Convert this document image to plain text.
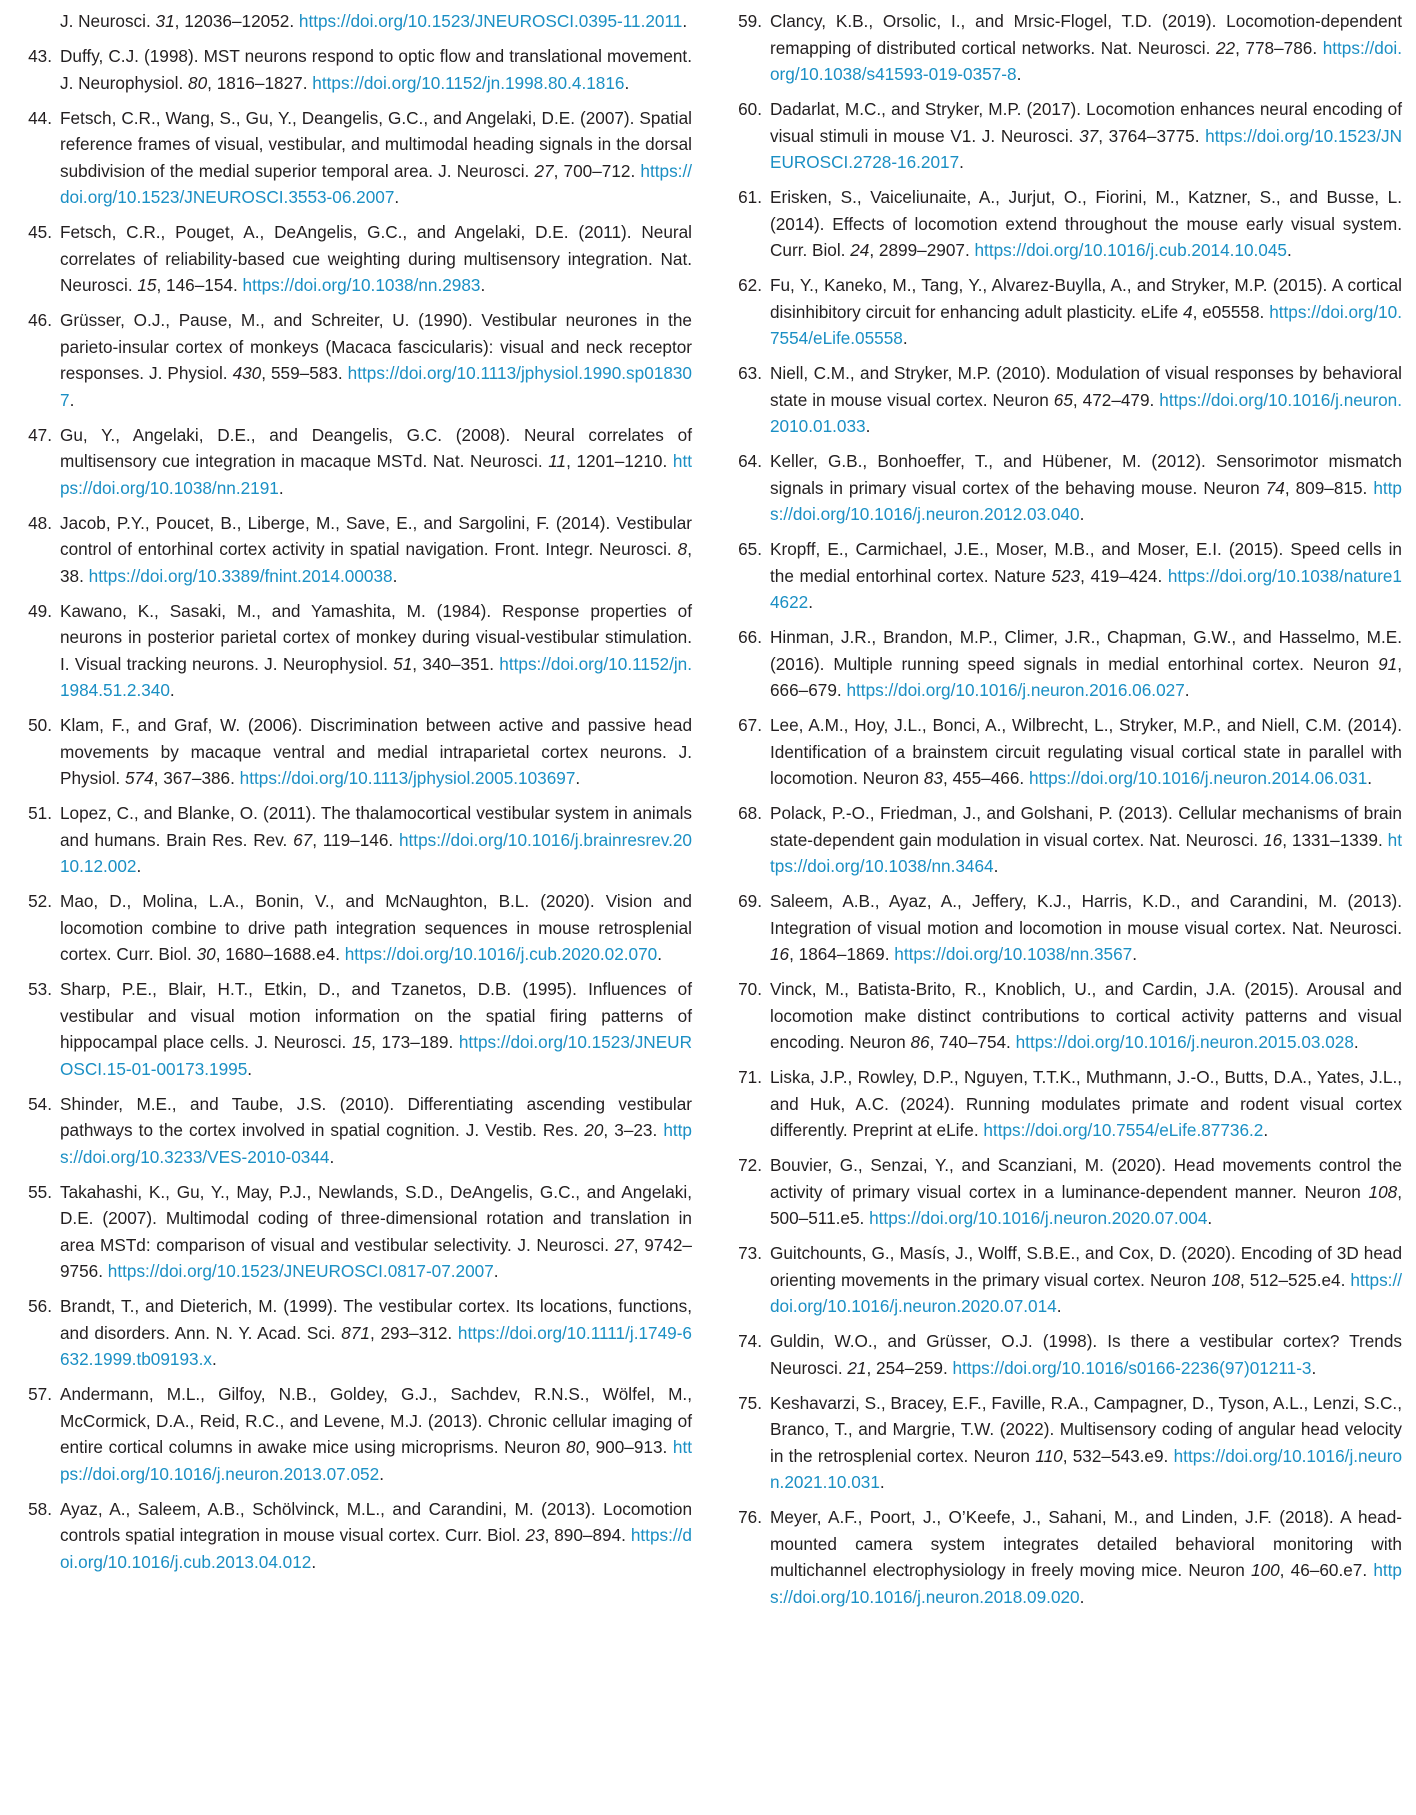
J. Neurosci. 31, 12036–12052. https://doi.org/10.1523/JNEUROSCI.0395-11.2011.
43. Duffy, C.J. (1998). MST neurons respond to optic flow and translational movement. J. Neurophysiol. 80, 1816–1827. https://doi.org/10.1152/jn.1998.80.4.1816.
44. Fetsch, C.R., Wang, S., Gu, Y., Deangelis, G.C., and Angelaki, D.E. (2007). Spatial reference frames of visual, vestibular, and multimodal heading signals in the dorsal subdivision of the medial superior temporal area. J. Neurosci. 27, 700–712. https://doi.org/10.1523/JNEUROSCI.3553-06.2007.
45. Fetsch, C.R., Pouget, A., DeAngelis, G.C., and Angelaki, D.E. (2011). Neural correlates of reliability-based cue weighting during multisensory integration. Nat. Neurosci. 15, 146–154. https://doi.org/10.1038/nn.2983.
46. Grüsser, O.J., Pause, M., and Schreiter, U. (1990). Vestibular neurones in the parieto-insular cortex of monkeys (Macaca fascicularis): visual and neck receptor responses. J. Physiol. 430, 559–583. https://doi.org/10.1113/jphysiol.1990.sp018307.
47. Gu, Y., Angelaki, D.E., and Deangelis, G.C. (2008). Neural correlates of multisensory cue integration in macaque MSTd. Nat. Neurosci. 11, 1201–1210. https://doi.org/10.1038/nn.2191.
48. Jacob, P.Y., Poucet, B., Liberge, M., Save, E., and Sargolini, F. (2014). Vestibular control of entorhinal cortex activity in spatial navigation. Front. Integr. Neurosci. 8, 38. https://doi.org/10.3389/fnint.2014.00038.
49. Kawano, K., Sasaki, M., and Yamashita, M. (1984). Response properties of neurons in posterior parietal cortex of monkey during visual-vestibular stimulation. I. Visual tracking neurons. J. Neurophysiol. 51, 340–351. https://doi.org/10.1152/jn.1984.51.2.340.
50. Klam, F., and Graf, W. (2006). Discrimination between active and passive head movements by macaque ventral and medial intraparietal cortex neurons. J. Physiol. 574, 367–386. https://doi.org/10.1113/jphysiol.2005.103697.
51. Lopez, C., and Blanke, O. (2011). The thalamocortical vestibular system in animals and humans. Brain Res. Rev. 67, 119–146. https://doi.org/10.1016/j.brainresrev.2010.12.002.
52. Mao, D., Molina, L.A., Bonin, V., and McNaughton, B.L. (2020). Vision and locomotion combine to drive path integration sequences in mouse retrosplenial cortex. Curr. Biol. 30, 1680–1688.e4. https://doi.org/10.1016/j.cub.2020.02.070.
53. Sharp, P.E., Blair, H.T., Etkin, D., and Tzanetos, D.B. (1995). Influences of vestibular and visual motion information on the spatial firing patterns of hippocampal place cells. J. Neurosci. 15, 173–189. https://doi.org/10.1523/JNEUROSCI.15-01-00173.1995.
54. Shinder, M.E., and Taube, J.S. (2010). Differentiating ascending vestibular pathways to the cortex involved in spatial cognition. J. Vestib. Res. 20, 3–23. https://doi.org/10.3233/VES-2010-0344.
55. Takahashi, K., Gu, Y., May, P.J., Newlands, S.D., DeAngelis, G.C., and Angelaki, D.E. (2007). Multimodal coding of three-dimensional rotation and translation in area MSTd: comparison of visual and vestibular selectivity. J. Neurosci. 27, 9742–9756. https://doi.org/10.1523/JNEUROSCI.0817-07.2007.
56. Brandt, T., and Dieterich, M. (1999). The vestibular cortex. Its locations, functions, and disorders. Ann. N. Y. Acad. Sci. 871, 293–312. https://doi.org/10.1111/j.1749-6632.1999.tb09193.x.
57. Andermann, M.L., Gilfoy, N.B., Goldey, G.J., Sachdev, R.N.S., Wölfel, M., McCormick, D.A., Reid, R.C., and Levene, M.J. (2013). Chronic cellular imaging of entire cortical columns in awake mice using microprisms. Neuron 80, 900–913. https://doi.org/10.1016/j.neuron.2013.07.052.
58. Ayaz, A., Saleem, A.B., Schölvinck, M.L., and Carandini, M. (2013). Locomotion controls spatial integration in mouse visual cortex. Curr. Biol. 23, 890–894. https://doi.org/10.1016/j.cub.2013.04.012.
59. Clancy, K.B., Orsolic, I., and Mrsic-Flogel, T.D. (2019). Locomotion-dependent remapping of distributed cortical networks. Nat. Neurosci. 22, 778–786. https://doi.org/10.1038/s41593-019-0357-8.
60. Dadarlat, M.C., and Stryker, M.P. (2017). Locomotion enhances neural encoding of visual stimuli in mouse V1. J. Neurosci. 37, 3764–3775. https://doi.org/10.1523/JNEUROSCI.2728-16.2017.
61. Erisken, S., Vaiceliunaite, A., Jurjut, O., Fiorini, M., Katzner, S., and Busse, L. (2014). Effects of locomotion extend throughout the mouse early visual system. Curr. Biol. 24, 2899–2907. https://doi.org/10.1016/j.cub.2014.10.045.
62. Fu, Y., Kaneko, M., Tang, Y., Alvarez-Buylla, A., and Stryker, M.P. (2015). A cortical disinhibitory circuit for enhancing adult plasticity. eLife 4, e05558. https://doi.org/10.7554/eLife.05558.
63. Niell, C.M., and Stryker, M.P. (2010). Modulation of visual responses by behavioral state in mouse visual cortex. Neuron 65, 472–479. https://doi.org/10.1016/j.neuron.2010.01.033.
64. Keller, G.B., Bonhoeffer, T., and Hübener, M. (2012). Sensorimotor mismatch signals in primary visual cortex of the behaving mouse. Neuron 74, 809–815. https://doi.org/10.1016/j.neuron.2012.03.040.
65. Kropff, E., Carmichael, J.E., Moser, M.B., and Moser, E.I. (2015). Speed cells in the medial entorhinal cortex. Nature 523, 419–424. https://doi.org/10.1038/nature14622.
66. Hinman, J.R., Brandon, M.P., Climer, J.R., Chapman, G.W., and Hasselmo, M.E. (2016). Multiple running speed signals in medial entorhinal cortex. Neuron 91, 666–679. https://doi.org/10.1016/j.neuron.2016.06.027.
67. Lee, A.M., Hoy, J.L., Bonci, A., Wilbrecht, L., Stryker, M.P., and Niell, C.M. (2014). Identification of a brainstem circuit regulating visual cortical state in parallel with locomotion. Neuron 83, 455–466. https://doi.org/10.1016/j.neuron.2014.06.031.
68. Polack, P.-O., Friedman, J., and Golshani, P. (2013). Cellular mechanisms of brain state-dependent gain modulation in visual cortex. Nat. Neurosci. 16, 1331–1339. https://doi.org/10.1038/nn.3464.
69. Saleem, A.B., Ayaz, A., Jeffery, K.J., Harris, K.D., and Carandini, M. (2013). Integration of visual motion and locomotion in mouse visual cortex. Nat. Neurosci. 16, 1864–1869. https://doi.org/10.1038/nn.3567.
70. Vinck, M., Batista-Brito, R., Knoblich, U., and Cardin, J.A. (2015). Arousal and locomotion make distinct contributions to cortical activity patterns and visual encoding. Neuron 86, 740–754. https://doi.org/10.1016/j.neuron.2015.03.028.
71. Liska, J.P., Rowley, D.P., Nguyen, T.T.K., Muthmann, J.-O., Butts, D.A., Yates, J.L., and Huk, A.C. (2024). Running modulates primate and rodent visual cortex differently. Preprint at eLife. https://doi.org/10.7554/eLife.87736.2.
72. Bouvier, G., Senzai, Y., and Scanziani, M. (2020). Head movements control the activity of primary visual cortex in a luminance-dependent manner. Neuron 108, 500–511.e5. https://doi.org/10.1016/j.neuron.2020.07.004.
73. Guitchounts, G., Masís, J., Wolff, S.B.E., and Cox, D. (2020). Encoding of 3D head orienting movements in the primary visual cortex. Neuron 108, 512–525.e4. https://doi.org/10.1016/j.neuron.2020.07.014.
74. Guldin, W.O., and Grüsser, O.J. (1998). Is there a vestibular cortex? Trends Neurosci. 21, 254–259. https://doi.org/10.1016/s0166-2236(97)01211-3.
75. Keshavarzi, S., Bracey, E.F., Faville, R.A., Campagner, D., Tyson, A.L., Lenzi, S.C., Branco, T., and Margrie, T.W. (2022). Multisensory coding of angular head velocity in the retrosplenial cortex. Neuron 110, 532–543.e9. https://doi.org/10.1016/j.neuron.2021.10.031.
76. Meyer, A.F., Poort, J., O’Keefe, J., Sahani, M., and Linden, J.F. (2018). A head-mounted camera system integrates detailed behavioral monitoring with multichannel electrophysiology in freely moving mice. Neuron 100, 46–60.e7. https://doi.org/10.1016/j.neuron.2018.09.020.
